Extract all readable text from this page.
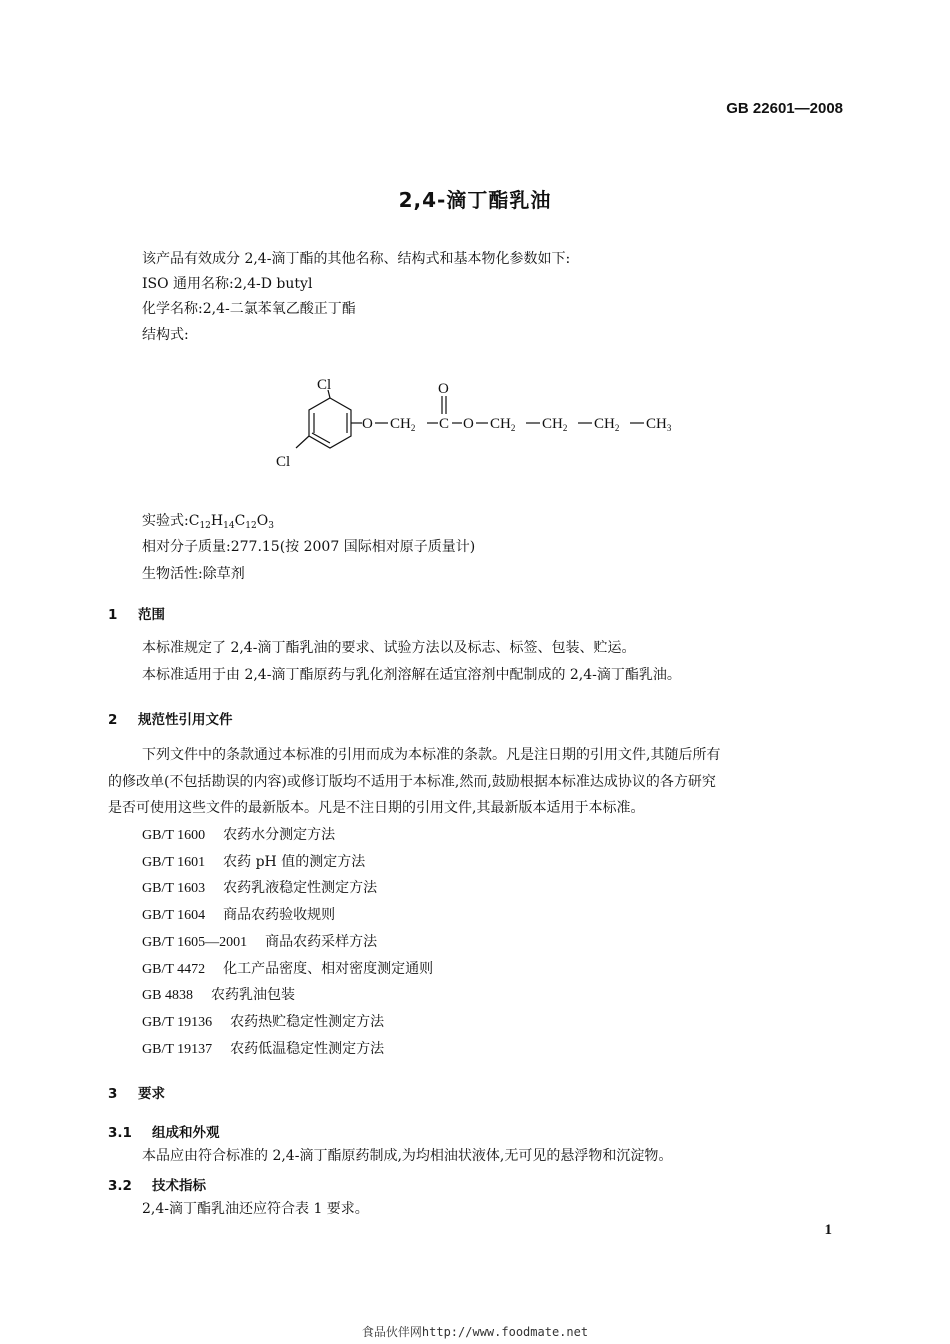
GB 22601—2008
2,4-滴丁酯乳油
该产品有效成分 2,4-滴丁酯的其他名称、结构式和基本物化参数如下:
ISO 通用名称:2,4-D butyl
化学名称:2,4-二氯苯氧乙酸正丁酯
结构式:
Cl
Cl
O
O $CH_2$ C O $CH_2$ $CH_2$ $CH_2$ $CH_3$
实验式$:C_{12}H_{14}C_{12}O_3$
相对分子质量:277.15(按 2007 国际相对原子质量计)
生物活性:除草剂
1 范围
本标准规定了 2,4-滴丁酯乳油的要求、试验方法以及标志、标签、包装、贮运。
本标准适用于由 2,4-滴丁酯原药与乳化剂溶解在适宜溶剂中配制成的 2,4-滴丁酯乳油。
2 规范性引用文件
下列文件中的条款通过本标准的引用而成为本标准的条款。凡是注日期的引用文件,其随后所有
的修改单(不包括勘误的内容)或修订版均不适用于本标准,然而,鼓励根据本标准达成协议的各方研究
是否可使用这些文件的最新版本。凡是不注日期的引用文件,其最新版本适用于本标准。
GB/T 1600 农药水分测定方法
GB/T 1601 农药 pH 值的测定方法
GB/T 1603 农药乳液稳定性测定方法
GB/T 1604 商品农药验收规则
GB/T 1605—2001 商品农药采样方法
GB/T 4472 化工产品密度、相对密度测定通则
GB 4838 农药乳油包装
GB/T 19136 农药热贮稳定性测定方法
GB/T 19137 农药低温稳定性测定方法
3 要求
3.1 组成和外观
本品应由符合标准的 2,4-滴丁酯原药制成,为均相油状液体,无可见的悬浮物和沉淀物。
3.2 技术指标
2,4-滴丁酯乳油还应符合表 1 要求。
1
食品伙伴网http://www.foodmate.net
